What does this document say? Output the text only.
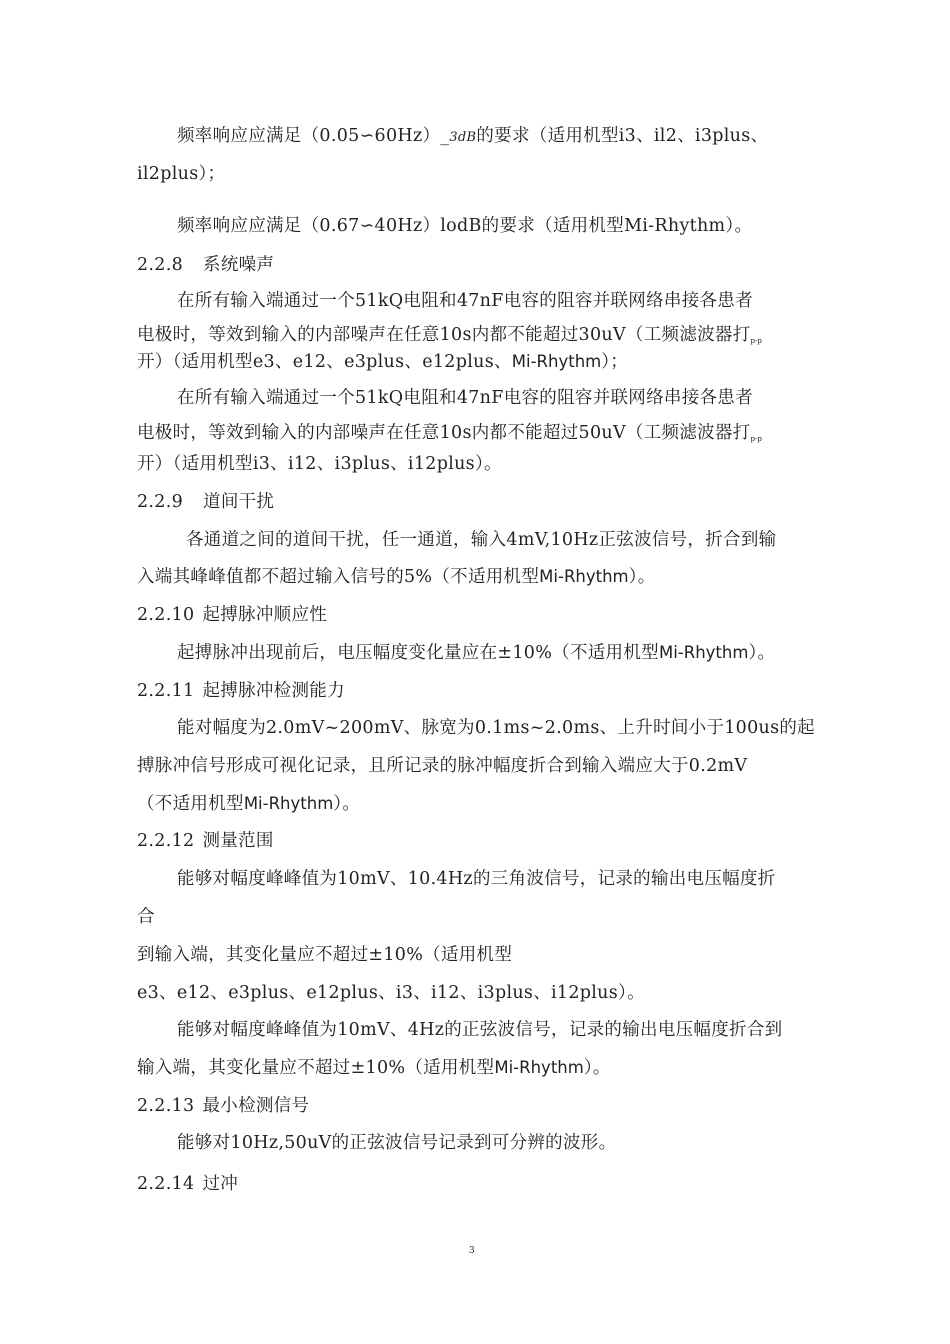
频率响应应满足（0.05∽60Hz）_3dB的要求（适用机型i3、il2、i3plus、
il2plus）；
频率响应应满足（0.67∽40Hz）lodB的要求（适用机型Mi-Rhythm）。
2.2.8 系统噪声
在所有输入端通过一个51kQ电阻和47nF电容的阻容并联网络串接各患者
电极时，等效到输入的内部噪声在任意10s内都不能超过30uV（工频滤波器打$_{p-p}$
开）（适用机型e3、e12、e3plus、e12plus、Mi-Rhythm）；
在所有输入端通过一个51kQ电阻和47nF电容的阻容并联网络串接各患者
电极时，等效到输入的内部噪声在任意10s内都不能超过50uV（工频滤波器打$_{p-p}$
开）（适用机型i3、i12、i3plus、i12plus）。
2.2.9 道间干扰
各通道之间的道间干扰，任一通道，输入4mV,10Hz正弦波信号，折合到输
入端其峰峰值都不超过输入信号的5%（不适用机型Mi-Rhythm）。
2.2.10 起搏脉冲顺应性
起搏脉冲出现前后，电压幅度变化量应在±10%（不适用机型Mi-Rhythm）。
2.2.11 起搏脉冲检测能力
能对幅度为2.0mV~200mV、脉宽为0.1ms~2.0ms、上升时间小于100us的起
搏脉冲信号形成可视化记录，且所记录的脉冲幅度折合到输入端应大于0.2mV
（不适用机型Mi-Rhythm）。
2.2.12 测量范围
能够对幅度峰峰值为10mV、10.4Hz的三角波信号，记录的输出电压幅度折
合
到输入端，其变化量应不超过±10%（适用机型
e3、e12、e3plus、e12plus、i3、i12、i3plus、i12plus）。
能够对幅度峰峰值为10mV、4Hz的正弦波信号，记录的输出电压幅度折合到
输入端，其变化量应不超过±10%（适用机型Mi-Rhythm）。
2.2.13 最小检测信号
能够对10Hz,50uV的正弦波信号记录到可分辨的波形。
2.2.14 过冲
3
